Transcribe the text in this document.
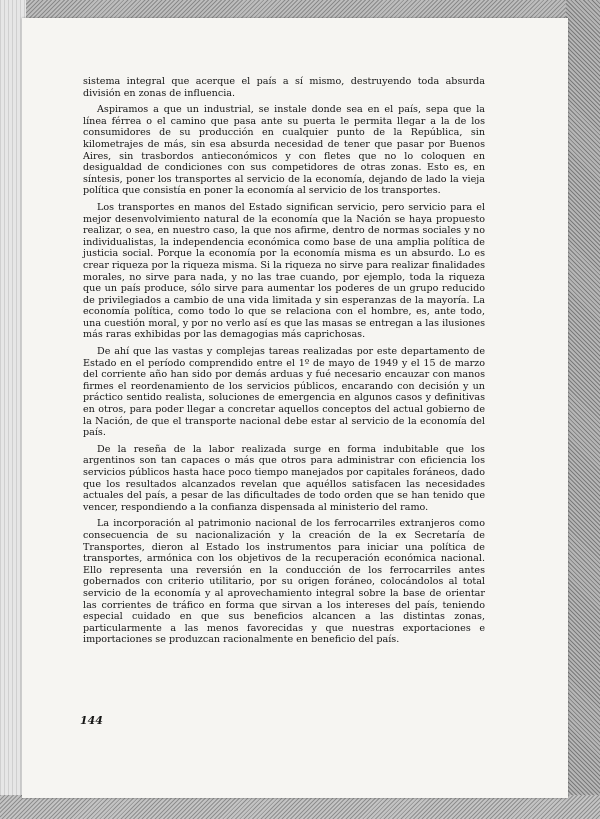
sistema integral que acerque el país a sí mismo, destruyendo toda absurda división en zonas de influencia.

Aspiramos a que un industrial, se instale donde sea en el país, sepa que la línea férrea o el camino que pasa ante su puerta le permita llegar a la de los consumidores de su producción en cualquier punto de la República, sin kilometrajes de más, sin esa absurda necesidad de tener que pasar por Buenos Aires, sin trasbordos antieconómicos y con fletes que no lo coloquen en desigualdad de condiciones con sus competidores de otras zonas. Esto es, en síntesis, poner los transportes al servicio de la economía, dejando de lado la vieja política que consistía en poner la economía al servicio de los transportes.

Los transportes en manos del Estado significan servicio, pero servicio para el mejor desenvolvimiento natural de la economía que la Nación se haya propuesto realizar, o sea, en nuestro caso, la que nos afirme, dentro de normas sociales y no individualistas, la independencia económica como base de una amplia política de justicia social. Porque la economía por la economía misma es un absurdo. Lo es crear riqueza por la riqueza misma. Si la riqueza no sirve para realizar finalidades morales, no sirve para nada, y no las trae cuando, por ejemplo, toda la riqueza que un país produce, sólo sirve para aumentar los poderes de un grupo reducido de privilegiados a cambio de una vida limitada y sin esperanzas de la mayoría. La economía política, como todo lo que se relaciona con el hombre, es, ante todo, una cuestión moral, y por no verlo así es que las masas se entregan a las ilusiones más raras exhibidas por las demagogias más caprichosas.

De ahí que las vastas y complejas tareas realizadas por este departamento de Estado en el período comprendido entre el 1º de mayo de 1949 y el 15 de marzo del corriente año han sido por demás arduas y fué necesario encauzar con manos firmes el reordenamiento de los servicios públicos, encarando con decisión y un práctico sentido realista, soluciones de emergencia en algunos casos y definitivas en otros, para poder llegar a concretar aquellos conceptos del actual gobierno de la Nación, de que el transporte nacional debe estar al servicio de la economía del país.

De la reseña de la labor realizada surge en forma indubitable que los argentinos son tan capaces o más que otros para administrar con eficiencia los servicios públicos hasta hace poco tiempo manejados por capitales foráneos, dado que los resultados alcanzados revelan que aquéllos satisfacen las necesidades actuales del país, a pesar de las dificultades de todo orden que se han tenido que vencer, respondiendo a la confianza dispensada al ministerio del ramo.

La incorporación al patrimonio nacional de los ferrocarriles extranjeros como consecuencia de su nacionalización y la creación de la ex Secretaría de Transportes, dieron al Estado los instrumentos para iniciar una política de transportes, armónica con los objetivos de la recuperación económica nacional. Ello representa una reversión en la conducción de los ferrocarriles antes gobernados con criterio utilitario, por su origen foráneo, colocándolos al total servicio de la economía y al aprovechamiento integral sobre la base de orientar las corrientes de tráfico en forma que sirvan a los intereses del país, teniendo especial cuidado en que sus beneficios alcancen a las distintas zonas, particularmente a las menos favorecidas y que nuestras exportaciones e importaciones se produzcan racionalmente en beneficio del país.

144
